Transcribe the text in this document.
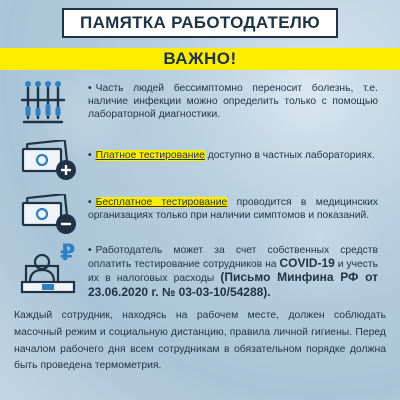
ПАМЯТКА РАБОТОДАТЕЛЮ
ВАЖНО!
• Часть людей бессимптомно переносит болезнь, т.е. наличие инфекции можно определить только с помощью лабораторной диагностики.
• Платное тестирование доступно в частных лабораториях.
• Бесплатное тестирование проводится в медицинских организациях только при наличии симптомов и показаний.
₽ • Работодатель может за счет собственных средств оплатить тестирование сотрудников на COVID-19 и учесть их в налоговых расходы (Письмо Минфина РФ от 23.06.2020 г. № 03-03-10/54288).
Каждый сотрудник, находясь на рабочем месте, должен соблюдать масочный режим и социальную дистанцию, правила личной гигиены. Перед началом рабочего дня всем сотрудникам в обязательном порядке должна быть проведена термометрия.
